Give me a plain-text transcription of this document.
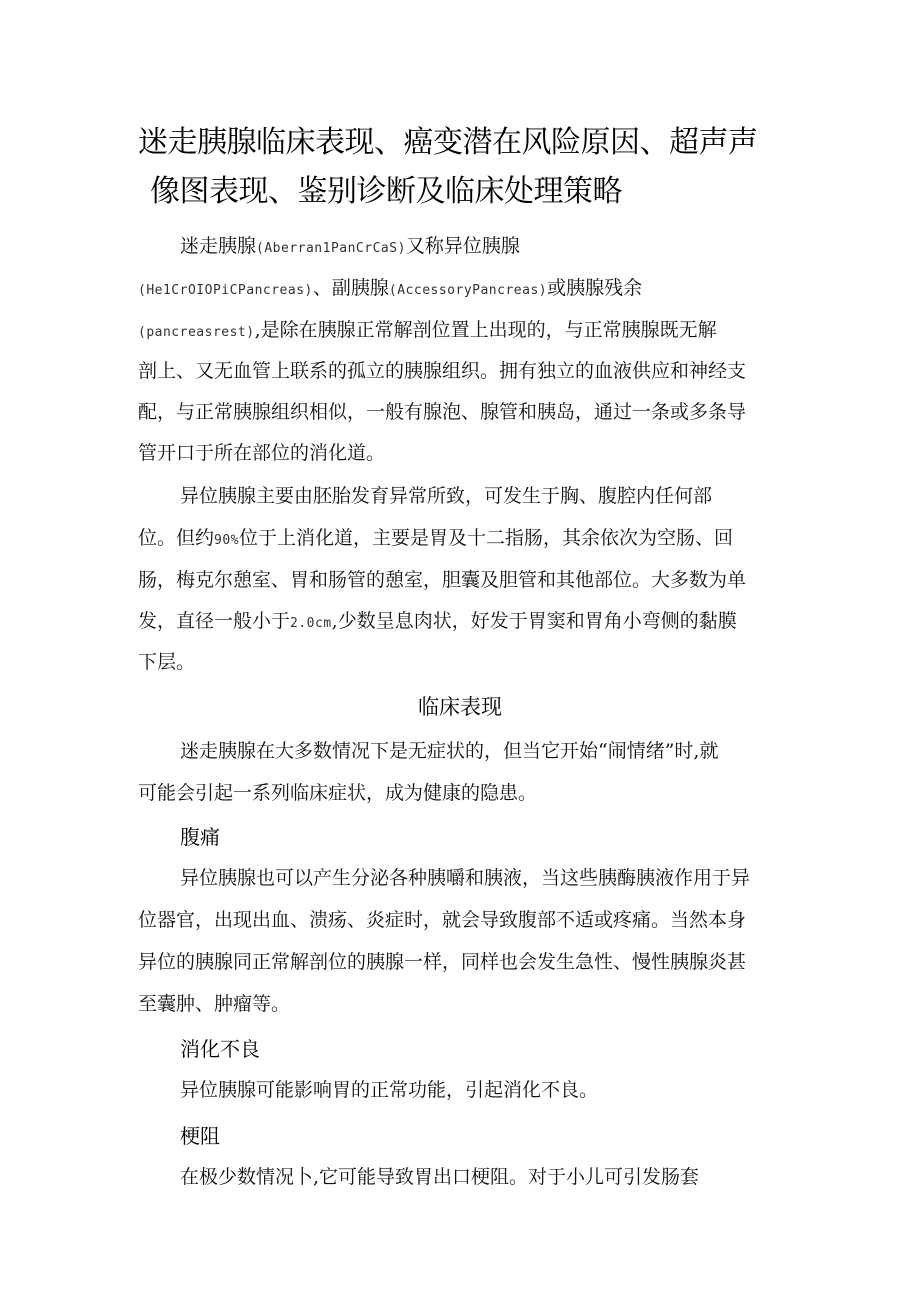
迷走胰腺临床表现、癌变潜在风险原因、超声声
像图表现、鉴别诊断及临床处理策略
迷走胰腺(Aberran1PanCrCaS)又称异位胰腺
(He1CrOIOPiCPancreas)、副胰腺(AccessoryPancreas)或胰腺残余
(pancreasrest),是除在胰腺正常解剖位置上出现的，与正常胰腺既无解
剖上、又无血管上联系的孤立的胰腺组织。拥有独立的血液供应和神经支
配，与正常胰腺组织相似，一般有腺泡、腺管和胰岛，通过一条或多条导
管开口于所在部位的消化道。
异位胰腺主要由胚胎发育异常所致，可发生于胸、腹腔内任何部
位。但约90%位于上消化道，主要是胃及十二指肠，其余依次为空肠、回
肠，梅克尔憩室、胃和肠管的憩室，胆囊及胆管和其他部位。大多数为单
发，直径一般小于2.0cm,少数呈息肉状，好发于胃窦和胃角小弯侧的黏膜
下层。
临床表现
迷走胰腺在大多数情况下是无症状的，但当它开始“闹情绪”时,就
可能会引起一系列临床症状，成为健康的隐患。
腹痛
异位胰腺也可以产生分泌各种胰嚼和胰液，当这些胰酶胰液作用于异
位器官，出现出血、溃疡、炎症时，就会导致腹部不适或疼痛。当然本身
异位的胰腺同正常解剖位的胰腺一样，同样也会发生急性、慢性胰腺炎甚
至囊肿、肿瘤等。
消化不良
异位胰腺可能影响胃的正常功能，引起消化不良。
梗阻
在极少数情况卜,它可能导致胃出口梗阻。对于小儿可引发肠套
